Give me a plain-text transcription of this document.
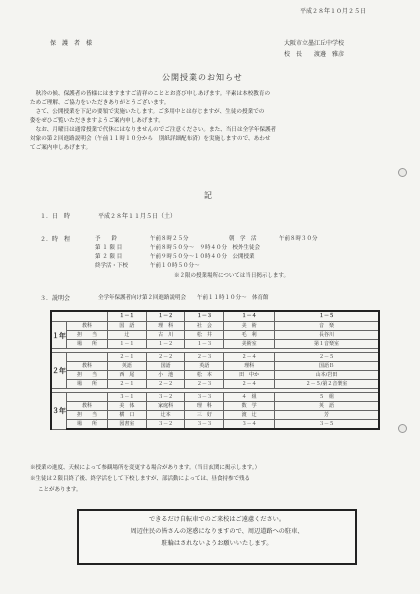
平成２８年１０月２５日
保　護　者　様	大阪市立墨江丘中学校
校　長　　渡邊　雅彦
公開授業のお知らせ

　秋冷の候、保護者の皆様にはますますご清祥のこととお喜び申しあげます。平素は本校教育の

ためご理解、ご協力をいただきありがとうございます。

　さて、公開授業を下記の要領で実施いたします。ご多用中とは存じますが、生徒の授業での

姿をぜひご覧いただきますようご案内申しあげます。

　なお、月曜日は通常授業で代休にはなりませんのでご注意ください。また、当日は全学年保護者

対象の第２回進路説明会（午前１１時１０分から　別紙詳細配布済）を実施しますので、あわせ

てご案内申しあげます。

記
１．日　時	平成２８年１１月５日（土）
２．時　程	予　　鈴	午前８時２５分	朝　学　活	午前８時３０分
第 １ 限 目	午前８時５０分～　９時４０分　校外生徒会
第 ２ 限 目	午前９時５０分～１０時４０分　公開授業
終学活・下校	午前１０時５０分～
※２限の授業場所については当日掲示します。
３．説明会	全学年保護者向け第２回進路説明会　　午前１１時１０分～　体育館
		１－１	１－２	１－３	１－４	１－５
１年	教科	国　語	理　科	社　会	美　術	音　楽
	担　　当	辻	古　川	松　井	毛　利	長谷川
	場　　所	１－１	１－２	１－３	美術室	第１音楽室

２年		２－１	２－２	２－３	２－４	２－５
	教科	英語	国語	英語	理科	国語Ｂ
	担　　当	西　尾	小　池	松　本	田　中か	山本/岩田
	場　　所	２－１	２－２	２－３	２－４	２－５/第２音楽室

３年		３－１	３－２	３－３	４　組	５　組
	教科	美　体	家庭科	理　科	数　学	英　語
	担　　当	横　口	辻本	三　好	渡　辻	芳
	場　　所	図書室	３－２	３－３	３－４	３－５
※授業の進度、天候によって参観場所を変更する場合があります。（当日玄関に掲示します。）
※生徒は２限目終了後、終学活をして下校しますが、部活動によっては、昼食持参で残る
ことがあります。
できるだけ自転車でのご来校はご遠慮ください。
周辺住民の皆さんの迷惑になりますので、周辺道路への駐車、
駐輪はされないようお願いいたします。
